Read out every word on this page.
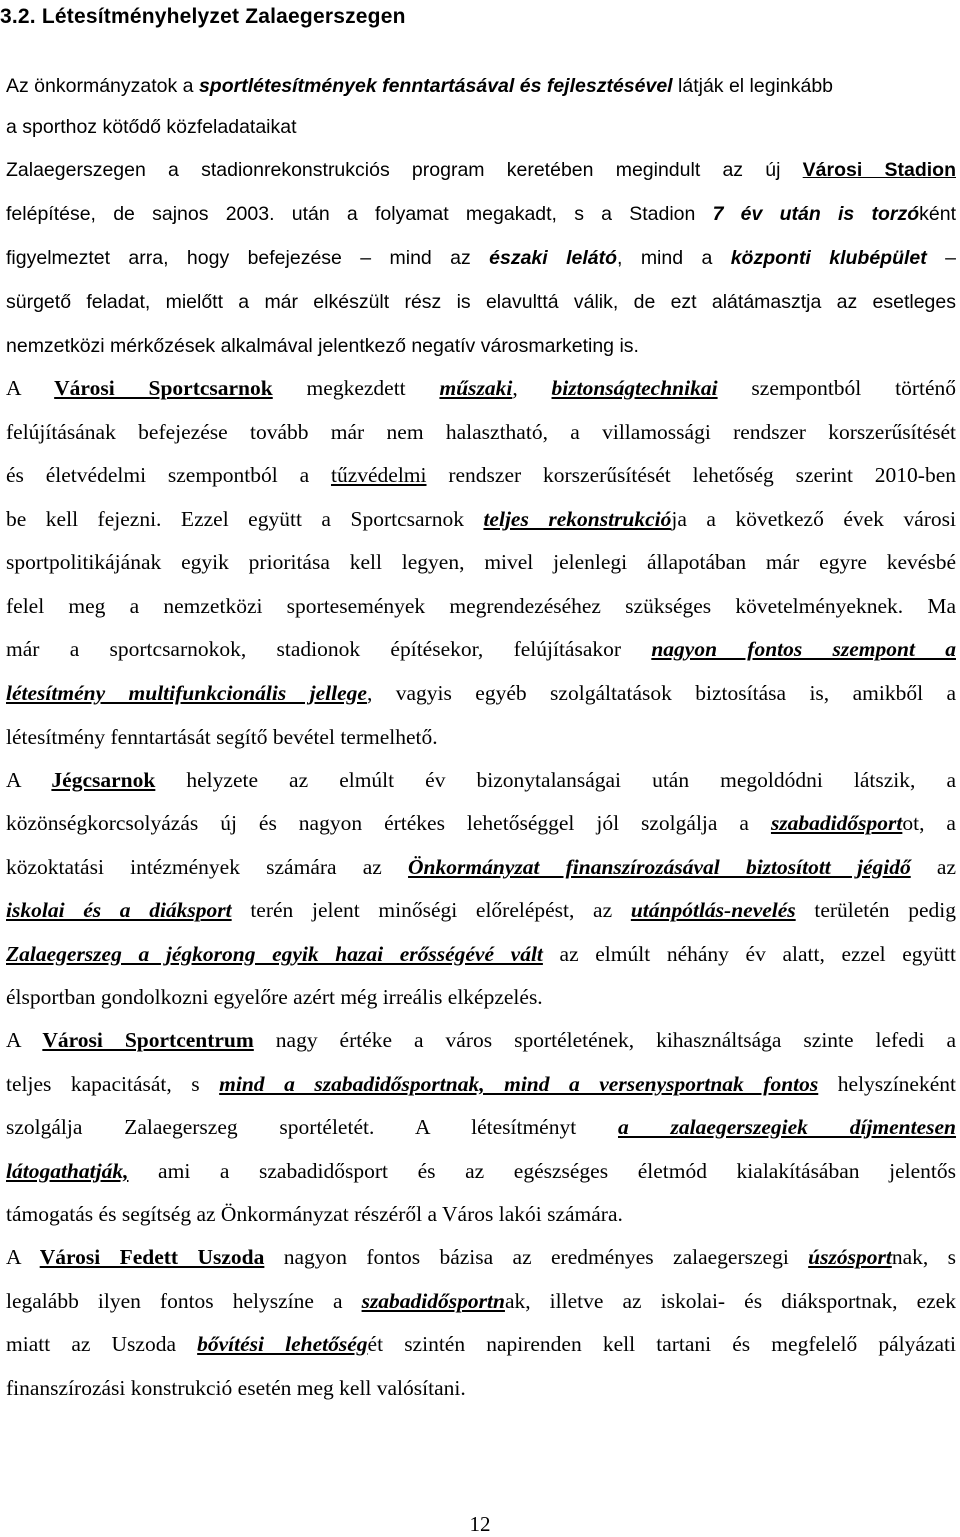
3.2. Létesítményhelyzet Zalaegerszegen
Az önkormányzatok a sportlétesítmények fenntartásával és fejlesztésével látják el leginkább
a sporthoz kötődő közfeladataikat
Zalaegerszegen a stadionrekonstrukciós program keretében megindult az új Városi Stadion
felépítése, de sajnos 2003. után a folyamat megakadt, s a Stadion 7 év után is torzóként
figyelmeztet arra, hogy befejezése – mind az északi lelátó, mind a központi klubépület –
sürgető feladat, mielőtt a már elkészült rész is elavulttá válik, de ezt alátámasztja az esetleges
nemzetközi mérkőzések alkalmával jelentkező negatív városmarketing is.
A Városi Sportcsarnok megkezdett műszaki, biztonságtechnikai szempontból történő
felújításának befejezése tovább már nem halasztható, a villamossági rendszer korszerűsítését
és életvédelmi szempontból a tűzvédelmi rendszer korszerűsítését lehetőség szerint 2010-ben
be kell fejezni. Ezzel együtt a Sportcsarnok teljes rekonstrukciója a következő évek városi
sportpolitikájának egyik prioritása kell legyen, mivel jelenlegi állapotában már egyre kevésbé
felel meg a nemzetközi sportesemények megrendezéséhez szükséges követelményeknek. Ma
már a sportcsarnokok, stadionok építésekor, felújításakor nagyon fontos szempont a
létesítmény multifunkcionális jellege, vagyis egyéb szolgáltatások biztosítása is, amikből a
létesítmény fenntartását segítő bevétel termelhető.
A Jégcsarnok helyzete az elmúlt év bizonytalanságai után megoldódni látszik, a
közönségkorcsolyázás új és nagyon értékes lehetőséggel jól szolgálja a szabadidősportot, a
közoktatási intézmények számára az Önkormányzat finanszírozásával biztosított jégidő az
iskolai és a diáksport terén jelent minőségi előrelépést, az utánpótlás-nevelés területén pedig
Zalaegerszeg a jégkorong egyik hazai erősségévé vált az elmúlt néhány év alatt, ezzel együtt
élsportban gondolkozni egyelőre azért még irreális elképzelés.
A Városi Sportcentrum nagy értéke a város sportéletének, kihasználtsága szinte lefedi a
teljes kapacitását, s mind a szabadidősportnak, mind a versenysportnak fontos helyszíneként
szolgálja Zalaegerszeg sportéletét. A létesítményt a zalaegerszegiek díjmentesen
látogathatják, ami a szabadidősport és az egészséges életmód kialakításában jelentős
támogatás és segítség az Önkormányzat részéről a Város lakói számára.
A Városi Fedett Uszoda nagyon fontos bázisa az eredményes zalaegerszegi úszósportnak, s
legalább ilyen fontos helyszíne a szabadidősportnak, illetve az iskolai- és diáksportnak, ezek
miatt az Uszoda bővítési lehetőségét szintén napirenden kell tartani és megfelelő pályázati
finanszírozási konstrukció esetén meg kell valósítani.
12
